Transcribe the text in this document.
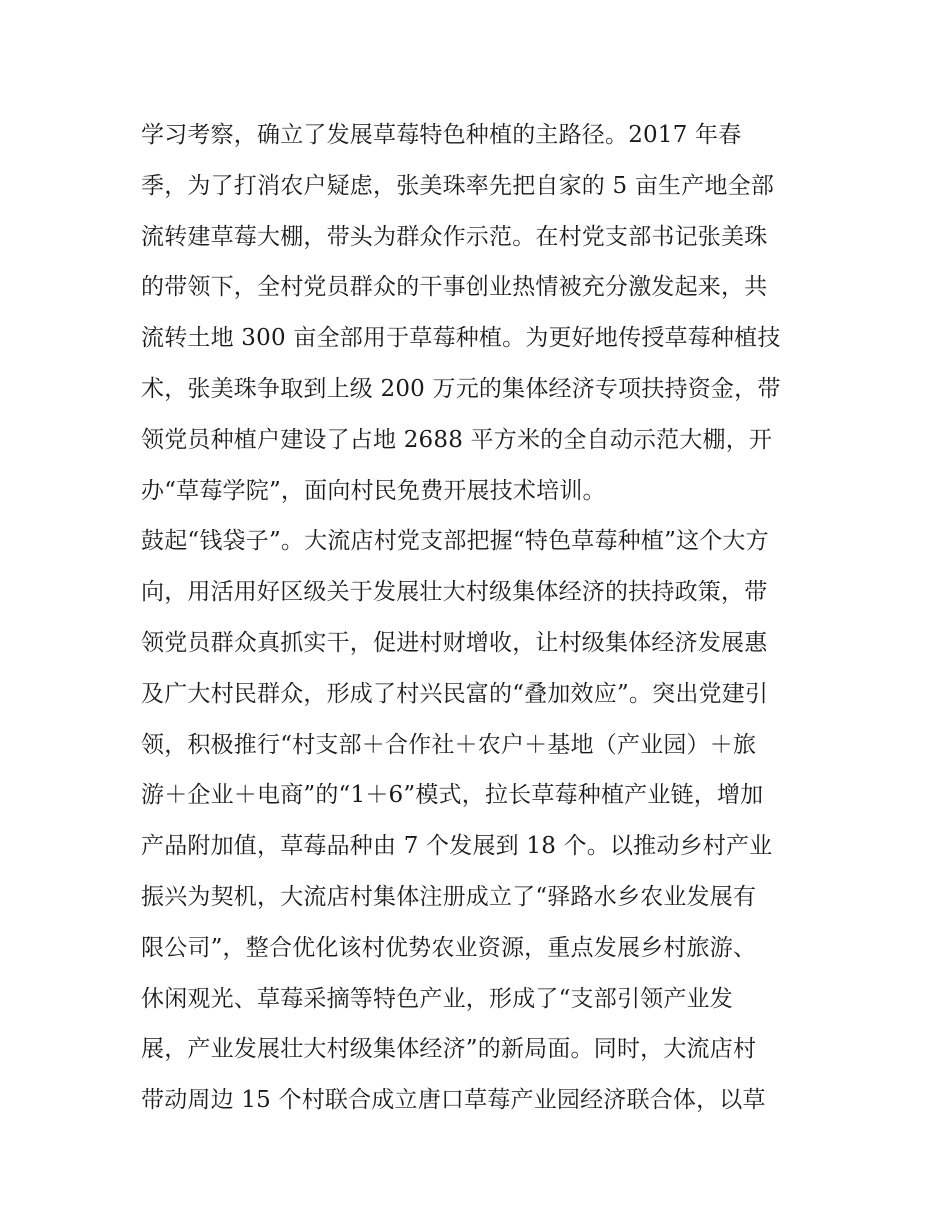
学习考察，确立了发展草莓特色种植的主路径。2017 年春
季，为了打消农户疑虑，张美珠率先把自家的 5 亩生产地全部
流转建草莓大棚，带头为群众作示范。在村党支部书记张美珠
的带领下，全村党员群众的干事创业热情被充分激发起来，共
流转土地 300 亩全部用于草莓种植。为更好地传授草莓种植技
术，张美珠争取到上级 200 万元的集体经济专项扶持资金，带
领党员种植户建设了占地 2688 平方米的全自动示范大棚，开
办“草莓学院”，面向村民免费开展技术培训。
鼓起“钱袋子”。大流店村党支部把握“特色草莓种植”这个大方
向，用活用好区级关于发展壮大村级集体经济的扶持政策，带
领党员群众真抓实干，促进村财增收，让村级集体经济发展惠
及广大村民群众，形成了村兴民富的“叠加效应”。突出党建引
领，积极推行“村支部＋合作社＋农户＋基地（产业园）＋旅
游＋企业＋电商”的“1＋6”模式，拉长草莓种植产业链，增加
产品附加值，草莓品种由 7 个发展到 18 个。以推动乡村产业
振兴为契机，大流店村集体注册成立了“驿路水乡农业发展有
限公司”，整合优化该村优势农业资源，重点发展乡村旅游、
休闲观光、草莓采摘等特色产业，形成了“支部引领产业发
展，产业发展壮大村级集体经济”的新局面。同时，大流店村
带动周边 15 个村联合成立唐口草莓产业园经济联合体，以草
